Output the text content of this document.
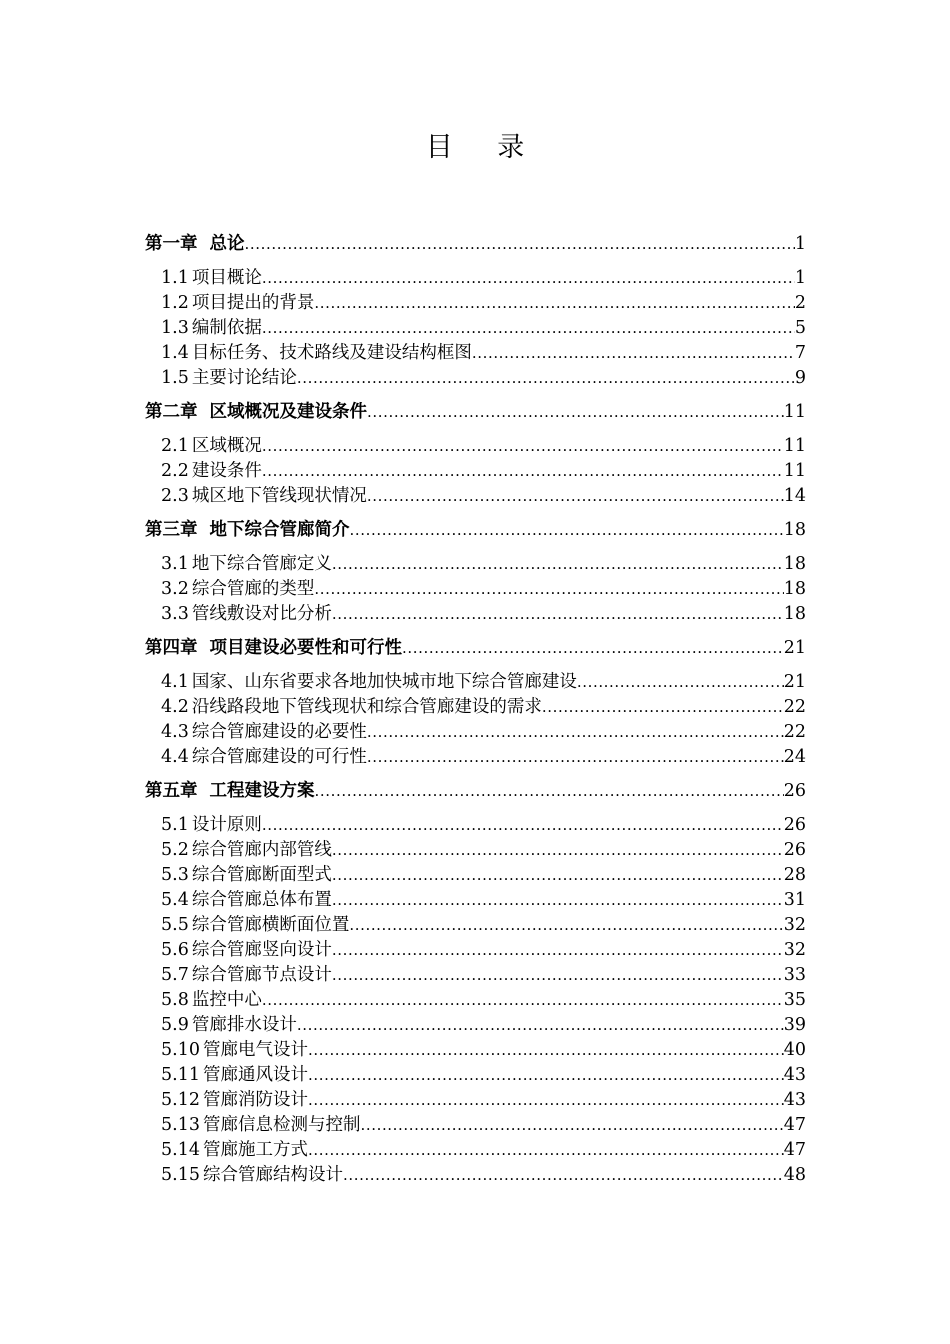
目 录
第一章 总论 .....	1
1.1 项目概论 .....	1
1.2 项目提出的背景 .....	2
1.3 编制依据 .....	5
1.4 目标任务、技术路线及建设结构框图 .....	7
1.5 主要讨论结论 .....	9
第二章 区域概况及建设条件 .....	11
2.1 区域概况 .....	11
2.2 建设条件 .....	11
2.3 城区地下管线现状情况 .....	14
第三章 地下综合管廊简介 .....	18
3.1 地下综合管廊定义 .....	18
3.2 综合管廊的类型 .....	18
3.3 管线敷设对比分析 .....	18
第四章 项目建设必要性和可行性 .....	21
4.1 国家、山东省要求各地加快城市地下综合管廊建设 .....	21
4.2 沿线路段地下管线现状和综合管廊建设的需求 .....	22
4.3 综合管廊建设的必要性 .....	22
4.4 综合管廊建设的可行性 .....	24
第五章 工程建设方案 .....	26
5.1 设计原则 .....	26
5.2 综合管廊内部管线 .....	26
5.3 综合管廊断面型式 .....	28
5.4 综合管廊总体布置 .....	31
5.5 综合管廊横断面位置 .....	32
5.6 综合管廊竖向设计 .....	32
5.7 综合管廊节点设计 .....	33
5.8 监控中心 .....	35
5.9 管廊排水设计 .....	39
5.10 管廊电气设计 .....	40
5.11 管廊通风设计 .....	43
5.12 管廊消防设计 .....	43
5.13 管廊信息检测与控制 .....	47
5.14 管廊施工方式 .....	47
5.15 综合管廊结构设计 .....	48
